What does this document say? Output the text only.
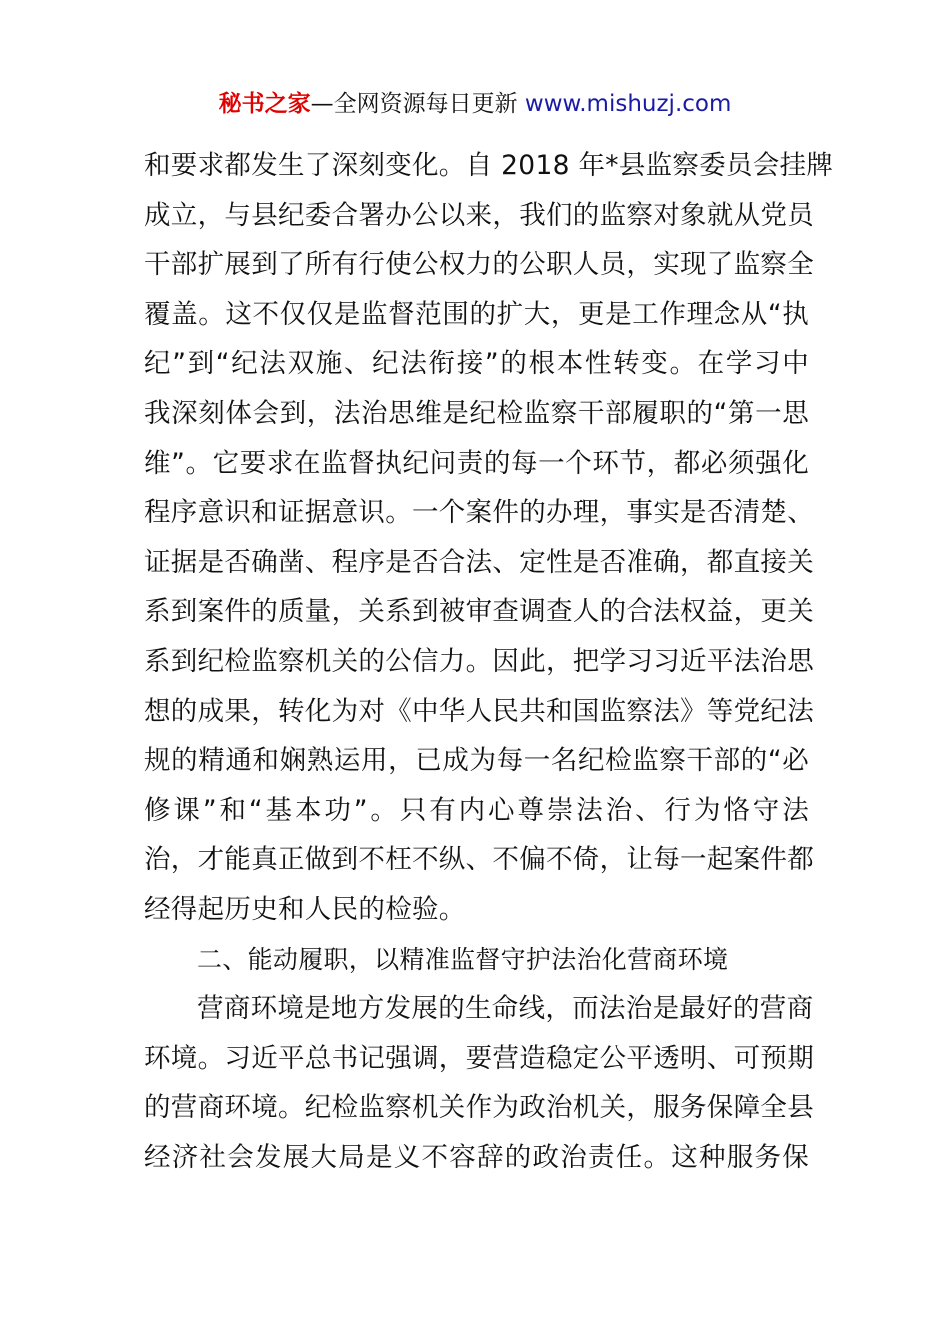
秘书之家—全网资源每日更新 www.mishuzj.com
和要求都发生了深刻变化。自 2018 年*县监察委员会挂牌
成立，与县纪委合署办公以来，我们的监察对象就从党员
干部扩展到了所有行使公权力的公职人员，实现了监察全
覆盖。这不仅仅是监督范围的扩大，更是工作理念从“执
纪”到“纪法双施、纪法衔接”的根本性转变。在学习中
我深刻体会到，法治思维是纪检监察干部履职的“第一思
维”。它要求在监督执纪问责的每一个环节，都必须强化
程序意识和证据意识。一个案件的办理，事实是否清楚、
证据是否确凿、程序是否合法、定性是否准确，都直接关
系到案件的质量，关系到被审查调查人的合法权益，更关
系到纪检监察机关的公信力。因此，把学习习近平法治思
想的成果，转化为对《中华人民共和国监察法》等党纪法
规的精通和娴熟运用，已成为每一名纪检监察干部的“必
修课”和“基本功”。只有内心尊崇法治、行为恪守法
治，才能真正做到不枉不纵、不偏不倚，让每一起案件都
经得起历史和人民的检验。
二、能动履职，以精准监督守护法治化营商环境
营商环境是地方发展的生命线，而法治是最好的营商
环境。习近平总书记强调，要营造稳定公平透明、可预期
的营商环境。纪检监察机关作为政治机关，服务保障全县
经济社会发展大局是义不容辞的政治责任。这种服务保
